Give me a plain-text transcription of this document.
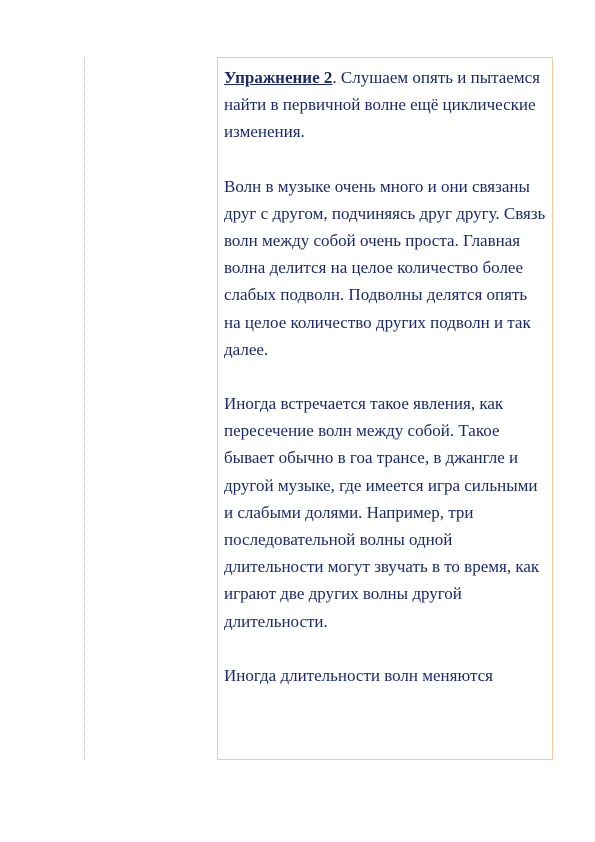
Упражнение 2. Слушаем опять и пытаемся найти в первичной волне ещё циклические изменения.

Волн в музыке очень много и они связаны друг с другом, подчиняясь друг другу. Связь волн между собой очень проста. Главная волна делится на целое количество более слабых подволн. Подволны делятся опять на целое количество других подволн и так далее.

Иногда встречается такое явления, как пересечение волн между собой. Такое бывает обычно в гоа трансе, в джангле и другой музыке, где имеется игра сильными и слабыми долями. Например, три последовательной волны одной длительности могут звучать в то время, как играют две других волны другой длительности.

Иногда длительности волн меняются
